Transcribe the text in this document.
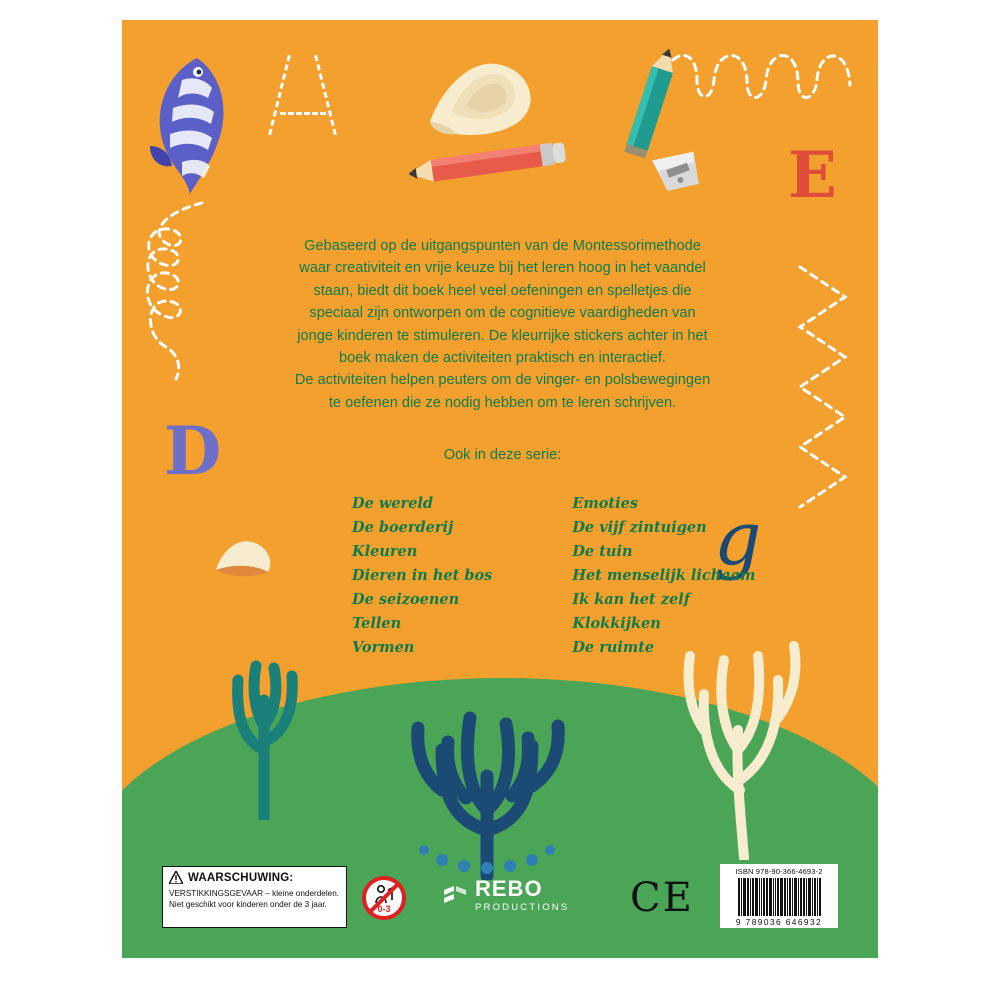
E
D
g

Gebaseerd op de uitgangspunten van de Montessorimethode

waar creativiteit en vrije keuze bij het leren hoog in het vaandel

staan, biedt dit boek heel veel oefeningen en spelletjes die

speciaal zijn ontworpen om de cognitieve vaardigheden van

jonge kinderen te stimuleren. De kleurrijke stickers achter in het

boek maken de activiteiten praktisch en interactief.

De activiteiten helpen peuters om de vinger- en polsbewegingen

te oefenen die ze nodig hebben om te leren schrijven.

Ook in deze serie:
De wereld
De boerderij
Kleuren
Dieren in het bos
De seizoenen
Tellen
Vormen
Emoties
De vijf zintuigen
De tuin
Het menselijk lichaam
Ik kan het zelf
Klokkijken
De ruimte
WAARSCHUWING:
VERSTIKKINGSGEVAAR – kleine onderdelen.
Niet geschikt voor kinderen onder de 3 jaar.	0-3
REBO
PRODUCTIONS CE
ISBN 978-90-366-4693-2
9 789036 646932
